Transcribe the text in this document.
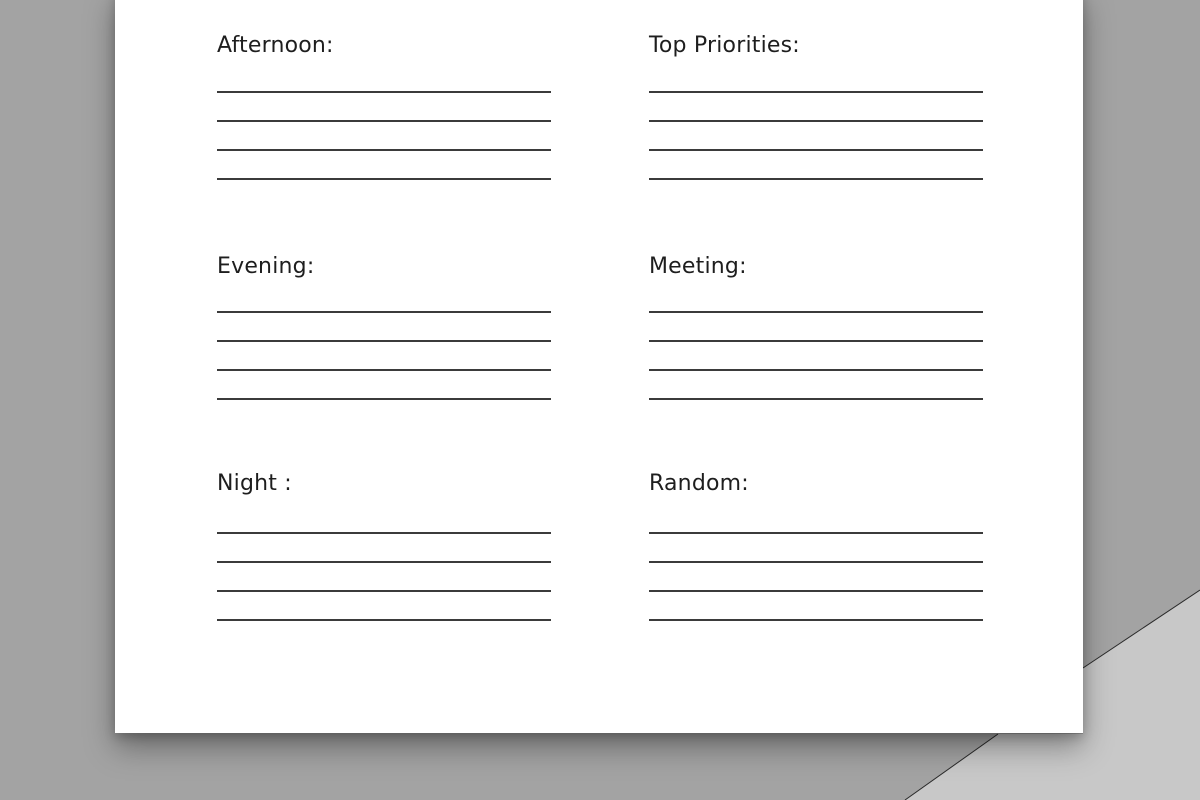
Afternoon:	Top Priorities:
Evening:	Meeting:
Night :	Random:
